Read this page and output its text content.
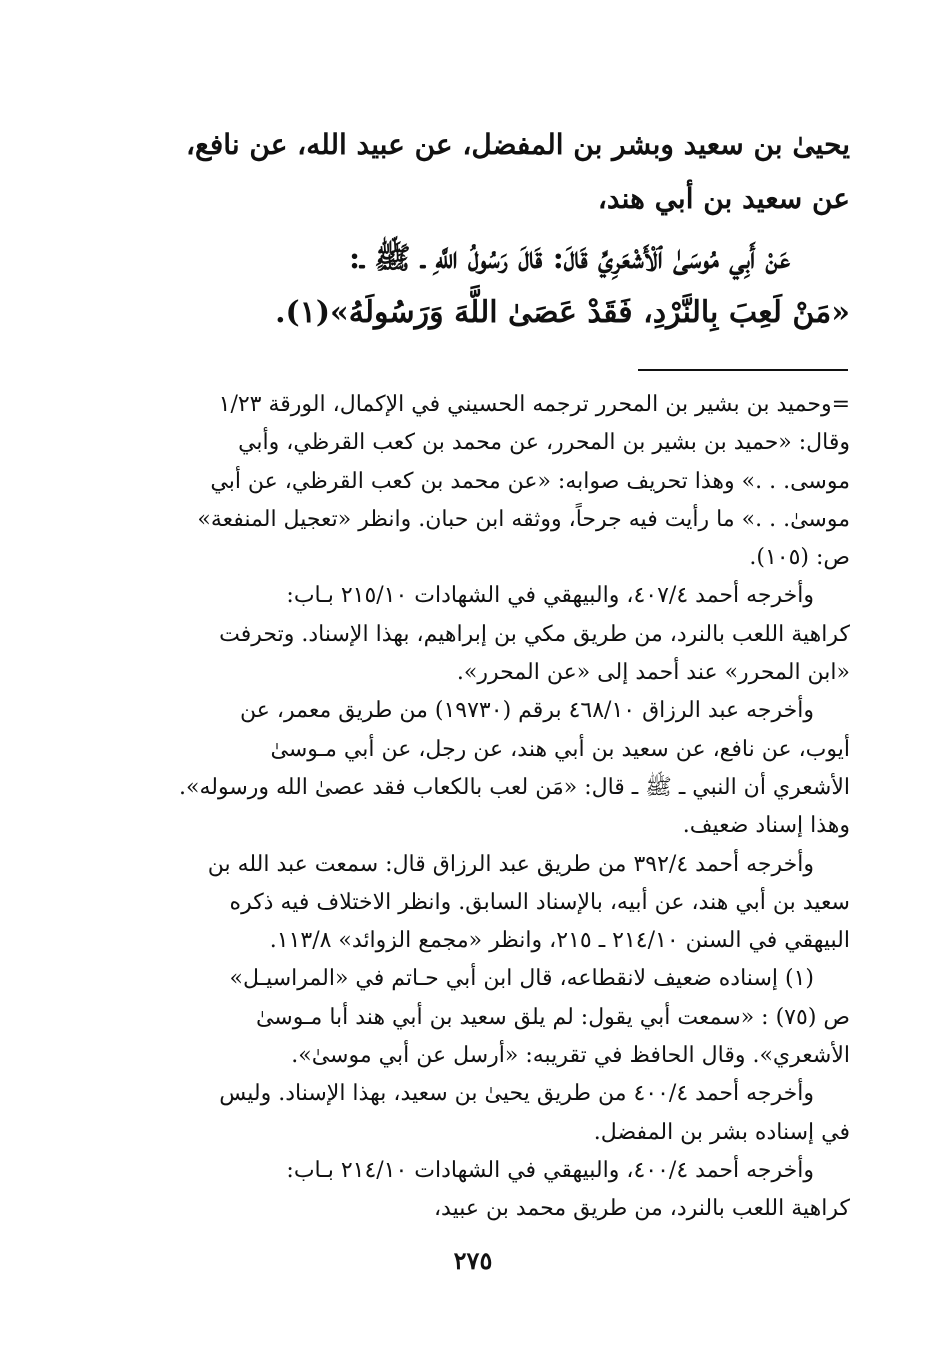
يحيىٰ بن سعيد وبشر بن المفضل، عن عبيد الله، عن نافع،
عن سعيد بن أبي هند،
عَنْ أَبِي مُوسَىٰ ٱلْأَشْعَرِيِّ قَالَ: قَالَ رَسُولُ اللَّهِ ـ ﷺ ـ:
«مَنْ لَعِبَ بِالنَّرْدِ، فَقَدْ عَصَىٰ اللَّهَ وَرَسُولَهُ»(١).
=وحميد بن بشير بن المحرر ترجمه الحسيني في الإكمال، الورقة ١/٢٣
وقال: «حميد بن بشير بن المحرر، عن محمد بن كعب القرظي، وأبي
موسى. . .» وهذا تحريف صوابه: «عن محمد بن كعب القرظي، عن أبي
موسىٰ. . .» ما رأيت فيه جرحاً، ووثقه ابن حبان. وانظر «تعجيل المنفعة»
ص: (١٠٥).
وأخرجه أحمد ٤٠٧/٤، والبيهقي في الشهادات ٢١٥/١٠ بـاب:
كراهية اللعب بالنرد، من طريق مكي بن إبراهيم، بهذا الإسناد. وتحرفت
«ابن المحرر» عند أحمد إلى «عن المحرر».
وأخرجه عبد الرزاق ٤٦٨/١٠ برقم (١٩٧٣٠) من طريق معمر، عن
أيوب، عن نافع، عن سعيد بن أبي هند، عن رجل، عن أبي مـوسىٰ
الأشعري أن النبي ـ ﷺ ـ قال: «مَن لعب بالكعاب فقد عصىٰ الله ورسوله».
وهذا إسناد ضعيف.
وأخرجه أحمد ٣٩٢/٤ من طريق عبد الرزاق قال: سمعت عبد الله بن
سعيد بن أبي هند، عن أبيه، بالإسناد السابق. وانظر الاختلاف فيه ذكره
البيهقي في السنن ٢١٤/١٠ ـ ٢١٥، وانظر «مجمع الزوائد» ١١٣/٨.
(١) إسناده ضعيف لانقطاعه، قال ابن أبي حـاتم في «المراسيـل»
ص (٧٥) : «سمعت أبي يقول: لم يلق سعيد بن أبي هند أبا مـوسىٰ
الأشعري». وقال الحافظ في تقريبه: «أرسل عن أبي موسىٰ».
وأخرجه أحمد ٤٠٠/٤ من طريق يحيىٰ بن سعيد، بهذا الإسناد. وليس
في إسناده بشر بن المفضل.
وأخرجه أحمد ٤٠٠/٤، والبيهقي في الشهادات ٢١٤/١٠ بـاب:
كراهية اللعب بالنرد، من طريق محمد بن عبيد،
٢٧٥
